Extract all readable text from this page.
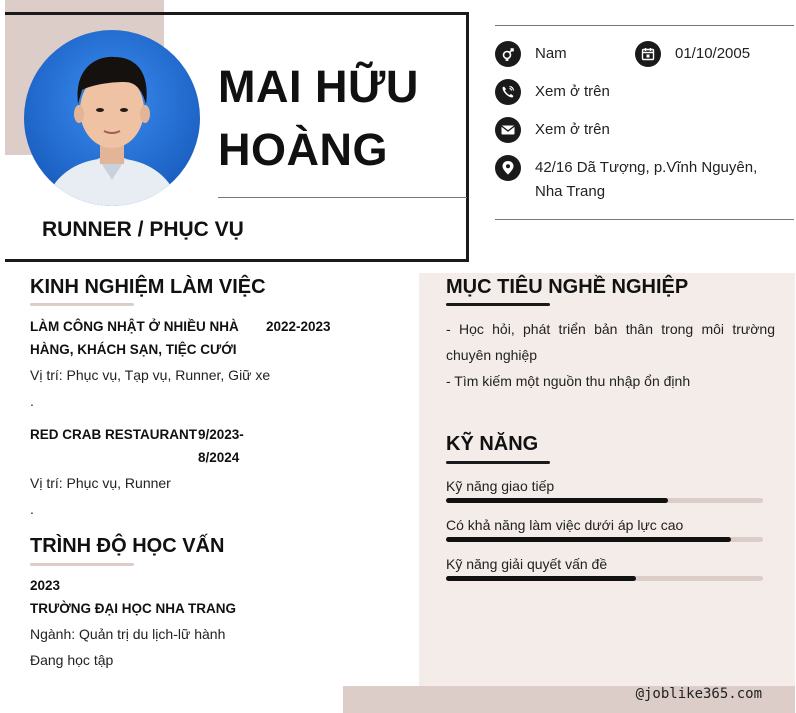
MAI HỮU
HOÀNG
RUNNER / PHỤC VỤ
Nam	01/10/2005
Xem ở trên
Xem ở trên
42/16 Dã Tượng, p.Vĩnh Nguyên,
Nha Trang
KINH NGHIỆM LÀM VIỆC
LÀM CÔNG NHẬT Ở NHIỀU NHÀ
HÀNG, KHÁCH SẠN, TIỆC CƯỚI
2022-2023
Vị trí: Phục vụ, Tạp vụ, Runner, Giữ xe
.
RED CRAB RESTAURANT 9/2023-
8/2024
Vị trí: Phục vụ, Runner
.
TRÌNH ĐỘ HỌC VẤN
2023
TRƯỜNG ĐẠI HỌC NHA TRANG
Ngành: Quản trị du lịch-lữ hành
Đang học tập
MỤC TIÊU NGHỀ NGHIỆP
- Học hỏi, phát triển bản thân trong môi trường chuyên nghiệp
- Tìm kiếm một nguồn thu nhập ổn định
KỸ NĂNG
Kỹ năng giao tiếp
Có khả năng làm việc dưới áp lực cao
Kỹ năng giải quyết vấn đề
@joblike365.com
